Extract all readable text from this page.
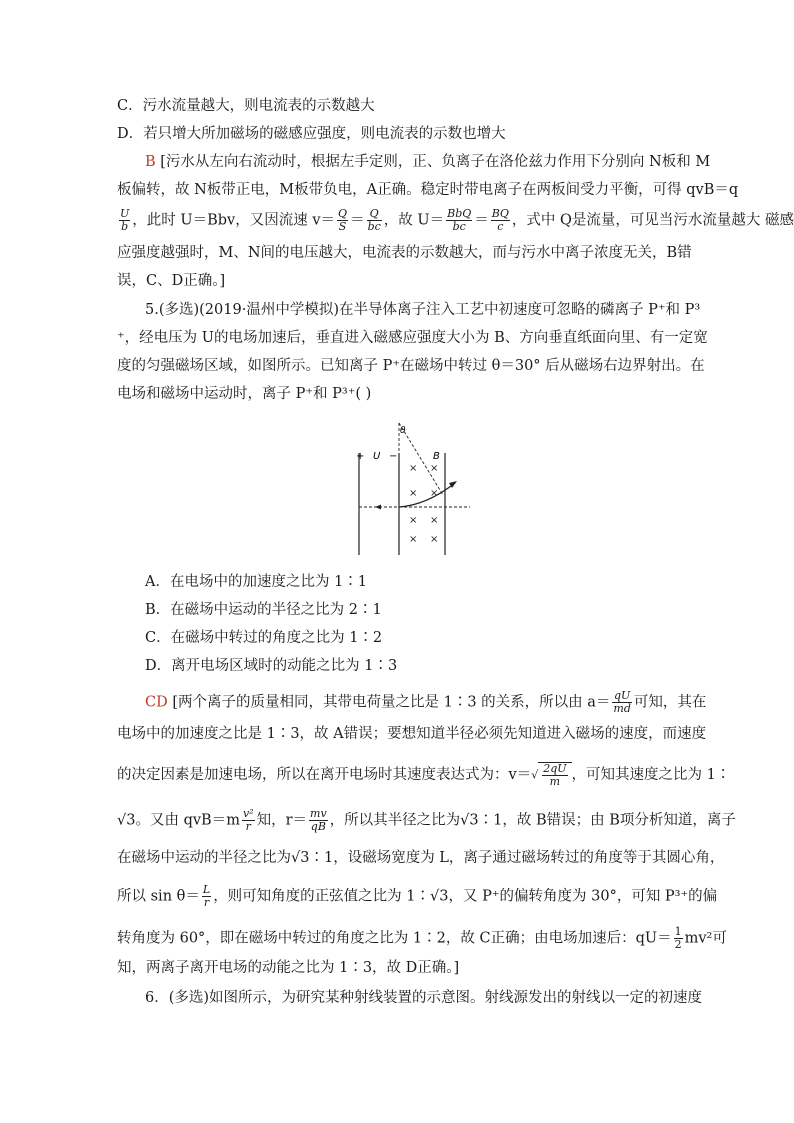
C．污水流量越大，则电流表的示数越大
D．若只增大所加磁场的磁感应强度，则电流表的示数也增大
B [污水从左向右流动时，根据左手定则，正、负离子在洛伦兹力作用下分别向 N板和 M
板偏转，故 N板带正电，M板带负电，A正确。稳定时带电离子在两板间受力平衡，可得 qvB＝q
$\frac{U}{b}$ ，此时 U＝Bbv，又因流速 $v= \frac{Q}{S} = \frac{Q}{bc}$ ，故 $U= \frac{\text{BbQ}}{bc} = \frac{BQ}{c}$ ，式中 Q是流量，可见当污水流量越大 磁感
应强度越强时，M、N间的电压越大，电流表的示数越大，而与污水中离子浓度无关，B错
误，C、D正确。]
5.(多选)(2019·温州中学模拟)在半导体离子注入工艺中初速度可忽略的磷离子 P⁺和 P³
⁺，经电压为 U的电场加速后，垂直进入磁感应强度大小为 B、方向垂直纸面向里、有一定宽
度的匀强磁场区域，如图所示。已知离子 P⁺在磁场中转过 θ＝30° 后从磁场右边界射出。在
电场和磁场中运动时，离子 P⁺和 P³⁺( )
+ U −	B
θ
× ×
× ×
× ×
× ×
A．在电场中的加速度之比为 1∶1
B．在磁场中运动的半径之比为 2∶1
C．在磁场中转过的角度之比为 1∶2
D．离开电场区域时的动能之比为 1∶3
CD [两个离子的质量相同，其带电荷量之比是 1∶3 的关系，所以由 $a= \frac{qU}{md}$ 可知，其在
电场中的加速度之比是 1∶3，故 A错误；要想知道半径必须先知道进入磁场的速度，而速度
的决定因素是加速电场，所以在离开电场时其速度表达式为：$v=√ \frac{2qU}{m}$ ，可知其速度之比为 1∶
√3。又由 $qvB=m \frac{\text{v²}}{r}$ 知，$r= \frac{mv}{qB}$ ，所以其半径之比为√3∶1，故 B错误；由 B项分析知道，离子
在磁场中运动的半径之比为√3∶1，设磁场宽度为 L，离子通过磁场转过的角度等于其圆心角，
所以 $\sin \theta= \frac{L}{r}$ ，则可知角度的正弦值之比为 1∶√3，又 P⁺的偏转角度为 30°，可知 P³⁺的偏
转角度为 60°，即在磁场中转过的角度之比为 1∶2，故 C正确；由电场加速后：$qU= \frac{1}{2} mv^2$可
知，两离子离开电场的动能之比为 1∶3，故 D正确。]
6．(多选)如图所示，为研究某种射线装置的示意图。射线源发出的射线以一定的初速度
